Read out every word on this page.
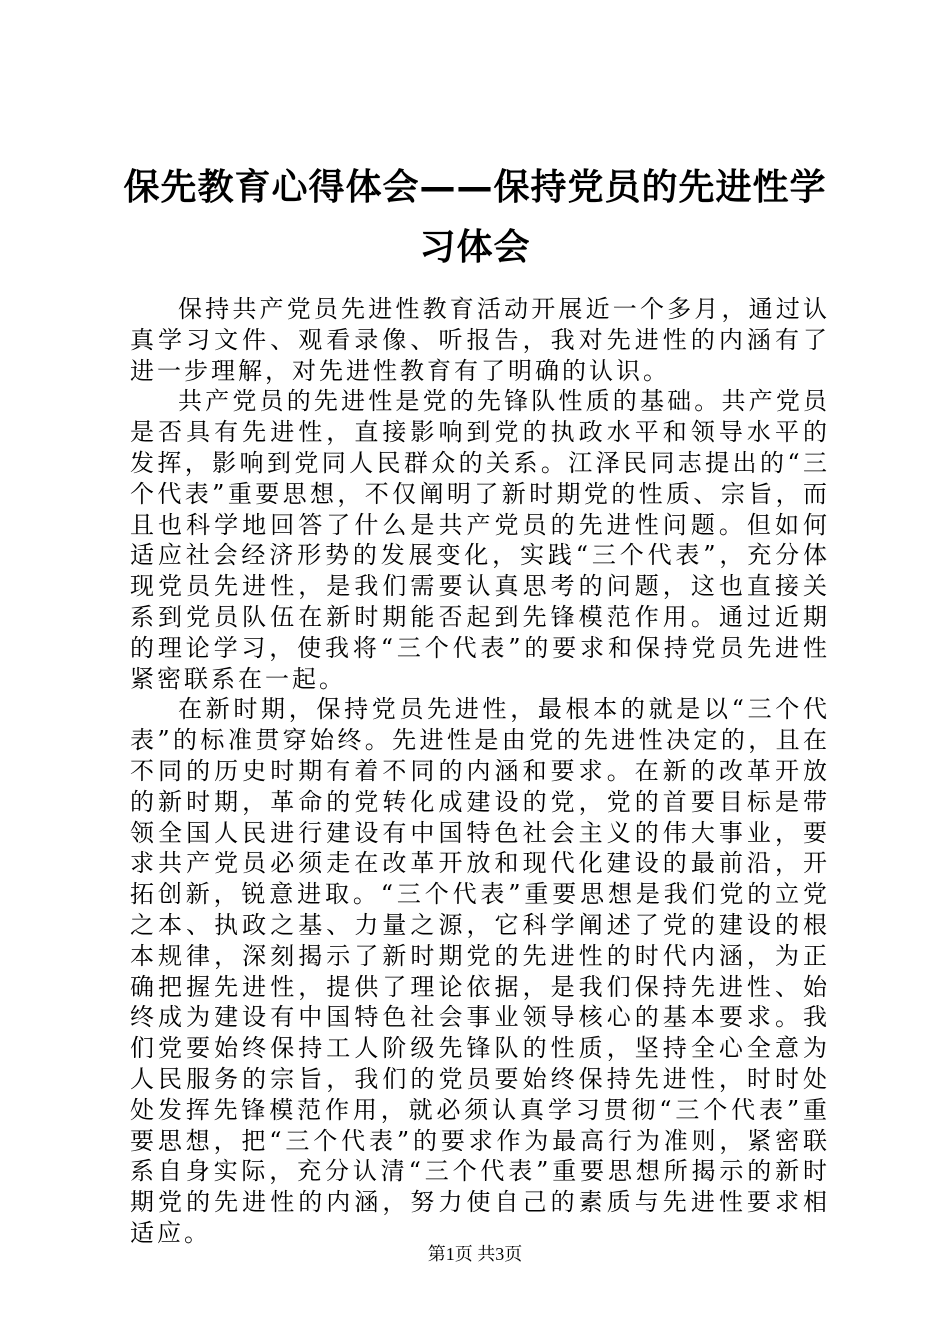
保先教育心得体会——保持党员的先进性学习体会

保持共产党员先进性教育活动开展近一个多月，通过认真学习文件、观看录像、听报告，我对先进性的内涵有了进一步理解，对先进性教育有了明确的认识。

共产党员的先进性是党的先锋队性质的基础。共产党员是否具有先进性，直接影响到党的执政水平和领导水平的发挥，影响到党同人民群众的关系。江泽民同志提出的“三个代表”重要思想，不仅阐明了新时期党的性质、宗旨，而且也科学地回答了什么是共产党员的先进性问题。但如何适应社会经济形势的发展变化，实践“三个代表”，充分体现党员先进性，是我们需要认真思考的问题，这也直接关系到党员队伍在新时期能否起到先锋模范作用。通过近期的理论学习，使我将“三个代表”的要求和保持党员先进性紧密联系在一起。

在新时期，保持党员先进性，最根本的就是以“三个代表”的标准贯穿始终。先进性是由党的先进性决定的，且在不同的历史时期有着不同的内涵和要求。在新的改革开放的新时期，革命的党转化成建设的党，党的首要目标是带领全国人民进行建设有中国特色社会主义的伟大事业，要求共产党员必须走在改革开放和现代化建设的最前沿，开拓创新，锐意进取。“三个代表”重要思想是我们党的立党之本、执政之基、力量之源，它科学阐述了党的建设的根本规律，深刻揭示了新时期党的先进性的时代内涵，为正确把握先进性，提供了理论依据，是我们保持先进性、始终成为建设有中国特色社会事业领导核心的基本要求。我们党要始终保持工人阶级先锋队的性质，坚持全心全意为人民服务的宗旨，我们的党员要始终保持先进性，时时处处发挥先锋模范作用，就必须认真学习贯彻“三个代表”重要思想，把“三个代表”的要求作为最高行为准则，紧密联系自身实际，充分认清“三个代表”重要思想所揭示的新时期党的先进性的内涵，努力使自己的素质与先进性要求相适应。

第1页 共3页
